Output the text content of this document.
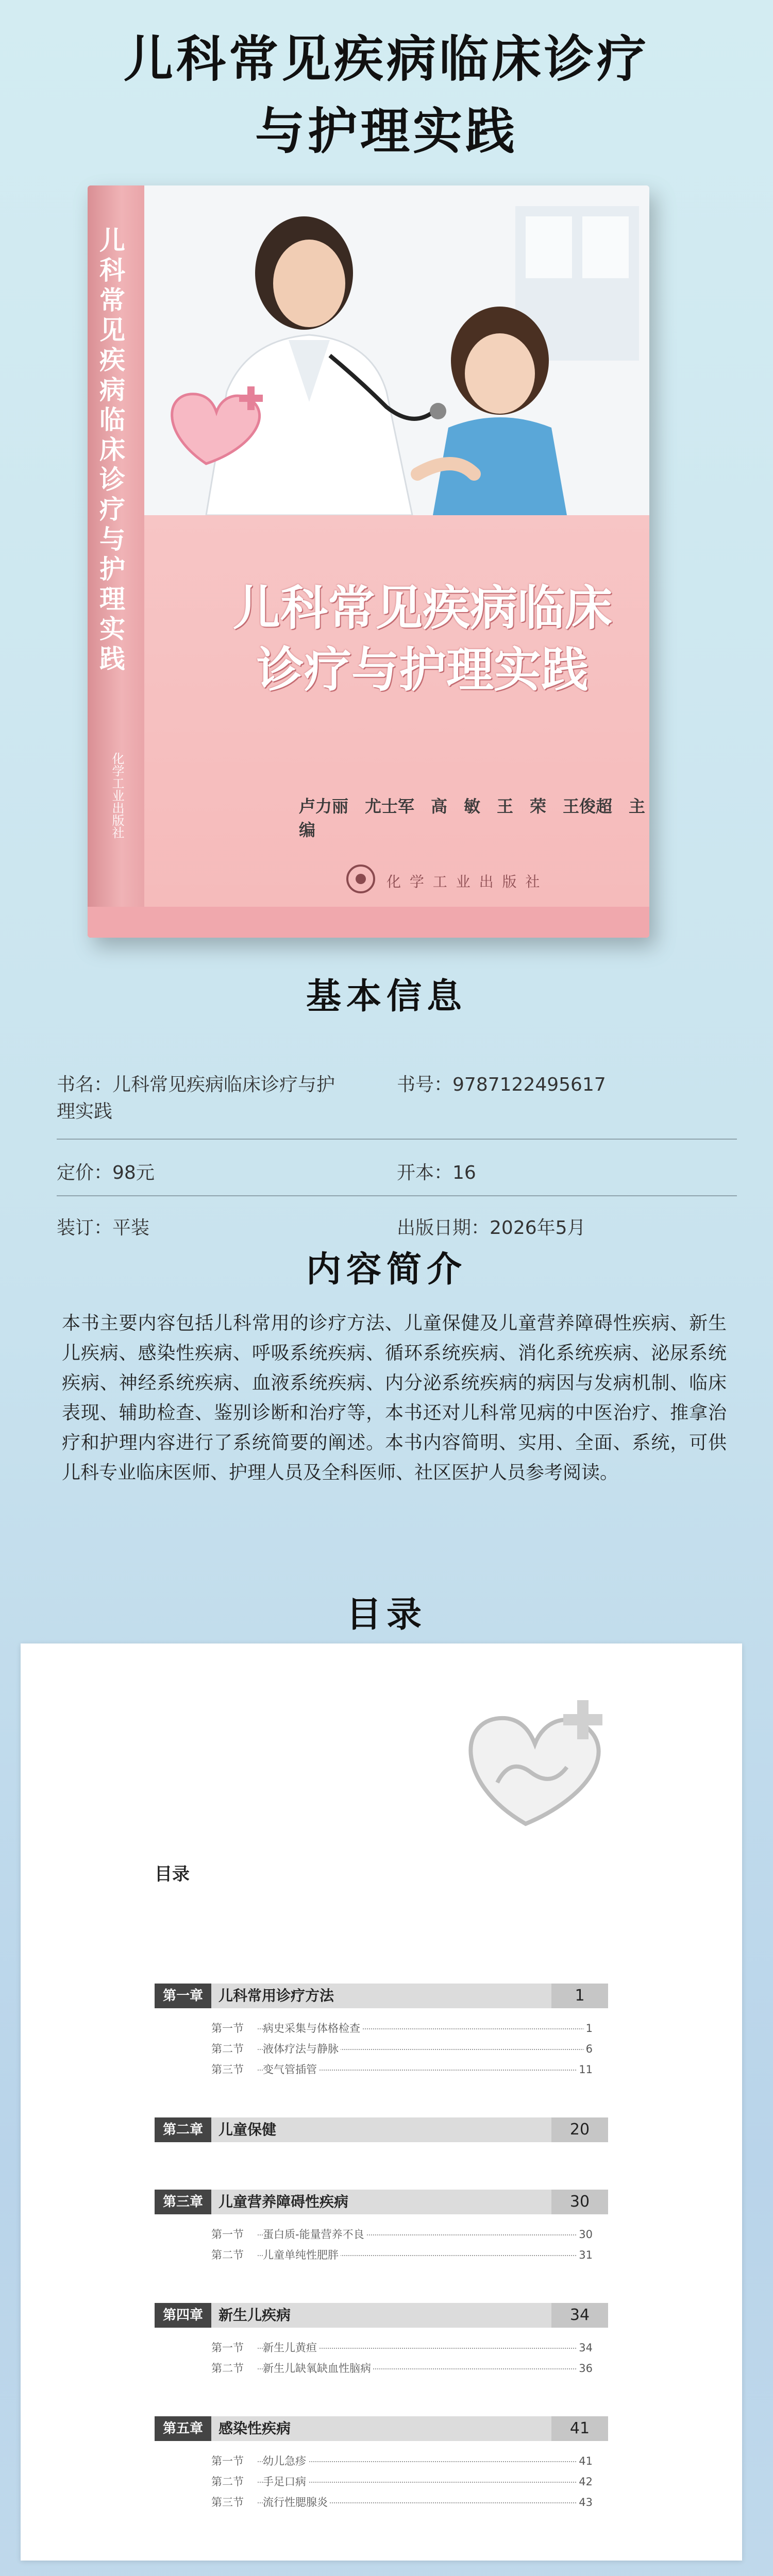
儿科常见疾病临床诊疗
与护理实践
儿科常见疾病临床诊疗与护理实践
化学工业出版社
儿科常见疾病临床
诊疗与护理实践
卢力丽　尤士军　高　敏　王　荣　王俊超　主编
化 学 工 业 出 版 社
基本信息
书名：儿科常见疾病临床诊疗与护
理实践
书号：9787122495617
定价：98元	开本：16
装订：平装	出版日期：2026年5月
内容简介
本书主要内容包括儿科常用的诊疗方法、儿童保健及儿童营养障碍性疾病、新生儿疾病、感染性疾病、呼吸系统疾病、循环系统疾病、消化系统疾病、泌尿系统疾病、神经系统疾病、血液系统疾病、内分泌系统疾病的病因与发病机制、临床表现、辅助检查、鉴别诊断和治疗等，本书还对儿科常见病的中医治疗、推拿治疗和护理内容进行了系统简要的阐述。本书内容简明、实用、全面、系统，可供儿科专业临床医师、护理人员及全科医师、社区医护人员参考阅读。
目录
目录
第一章	儿科常用诊疗方法	1
第一节 病史采集与体格检查	1
第二节 液体疗法与静脉	6
第三节 变气管插管	11
第二章	儿童保健	20
第三章	儿童营养障碍性疾病	30
第一节 蛋白质-能量营养不良	30
第二节 儿童单纯性肥胖	31
第四章	新生儿疾病	34
第一节 新生儿黄疸	34
第二节 新生儿缺氧缺血性脑病	36
第五章	感染性疾病	41
第一节 幼儿急疹	41
第二节 手足口病	42
第三节 流行性腮腺炎	43
